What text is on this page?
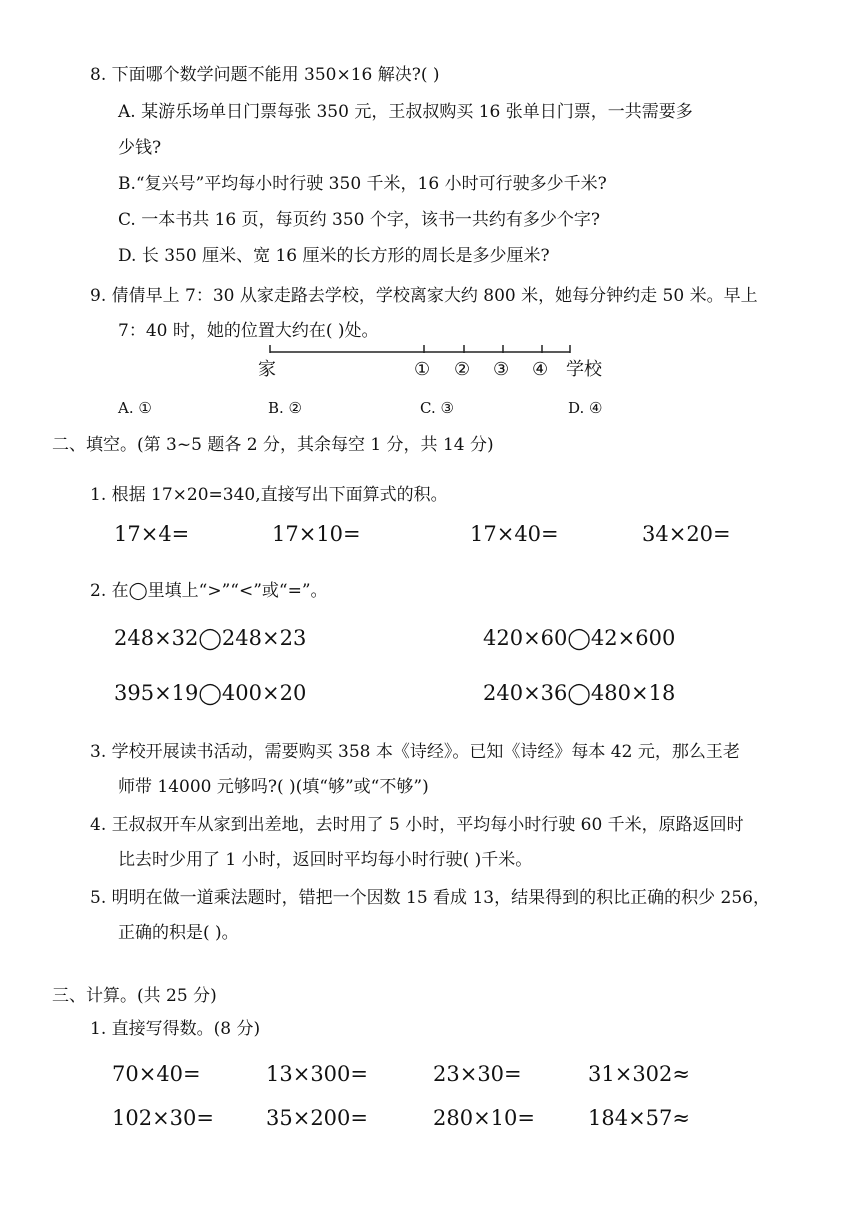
8. 下面哪个数学问题不能用 350×16 解决?( )
A. 某游乐场单日门票每张 350 元，王叔叔购买 16 张单日门票，一共需要多
少钱?
B.“复兴号”平均每小时行驶 350 千米，16 小时可行驶多少千米?
C. 一本书共 16 页，每页约 350 个字，该书一共约有多少个字?
D. 长 350 厘米、宽 16 厘米的长方形的周长是多少厘米?
9. 倩倩早上 7：30 从家走路去学校，学校离家大约 800 米，她每分钟约走 50 米。早上
7：40 时，她的位置大约在( )处。
家	① ② ③ ④ 学校
A. ①	B. ②	C. ③	D. ④
二、填空。(第 3~5 题各 2 分，其余每空 1 分，共 14 分)
1. 根据 17×20=340,直接写出下面算式的积。
17×4=	17×10=	17×40=	34×20=
2. 在◯里填上“>”“<”或“=”。
248×32◯248×23	420×60◯42×600
395×19◯400×20	240×36◯480×18
3. 学校开展读书活动，需要购买 358 本《诗经》。已知《诗经》每本 42 元，那么王老
师带 14000 元够吗?( )(填“够”或“不够”)
4. 王叔叔开车从家到出差地，去时用了 5 小时，平均每小时行驶 60 千米，原路返回时
比去时少用了 1 小时，返回时平均每小时行驶( )千米。
5. 明明在做一道乘法题时，错把一个因数 15 看成 13，结果得到的积比正确的积少 256，
正确的积是( )。
三、计算。(共 25 分)
1. 直接写得数。(8 分)
70×40=	13×300=	23×30=	31×302≈
102×30= 35×200=	280×10=	184×57≈
